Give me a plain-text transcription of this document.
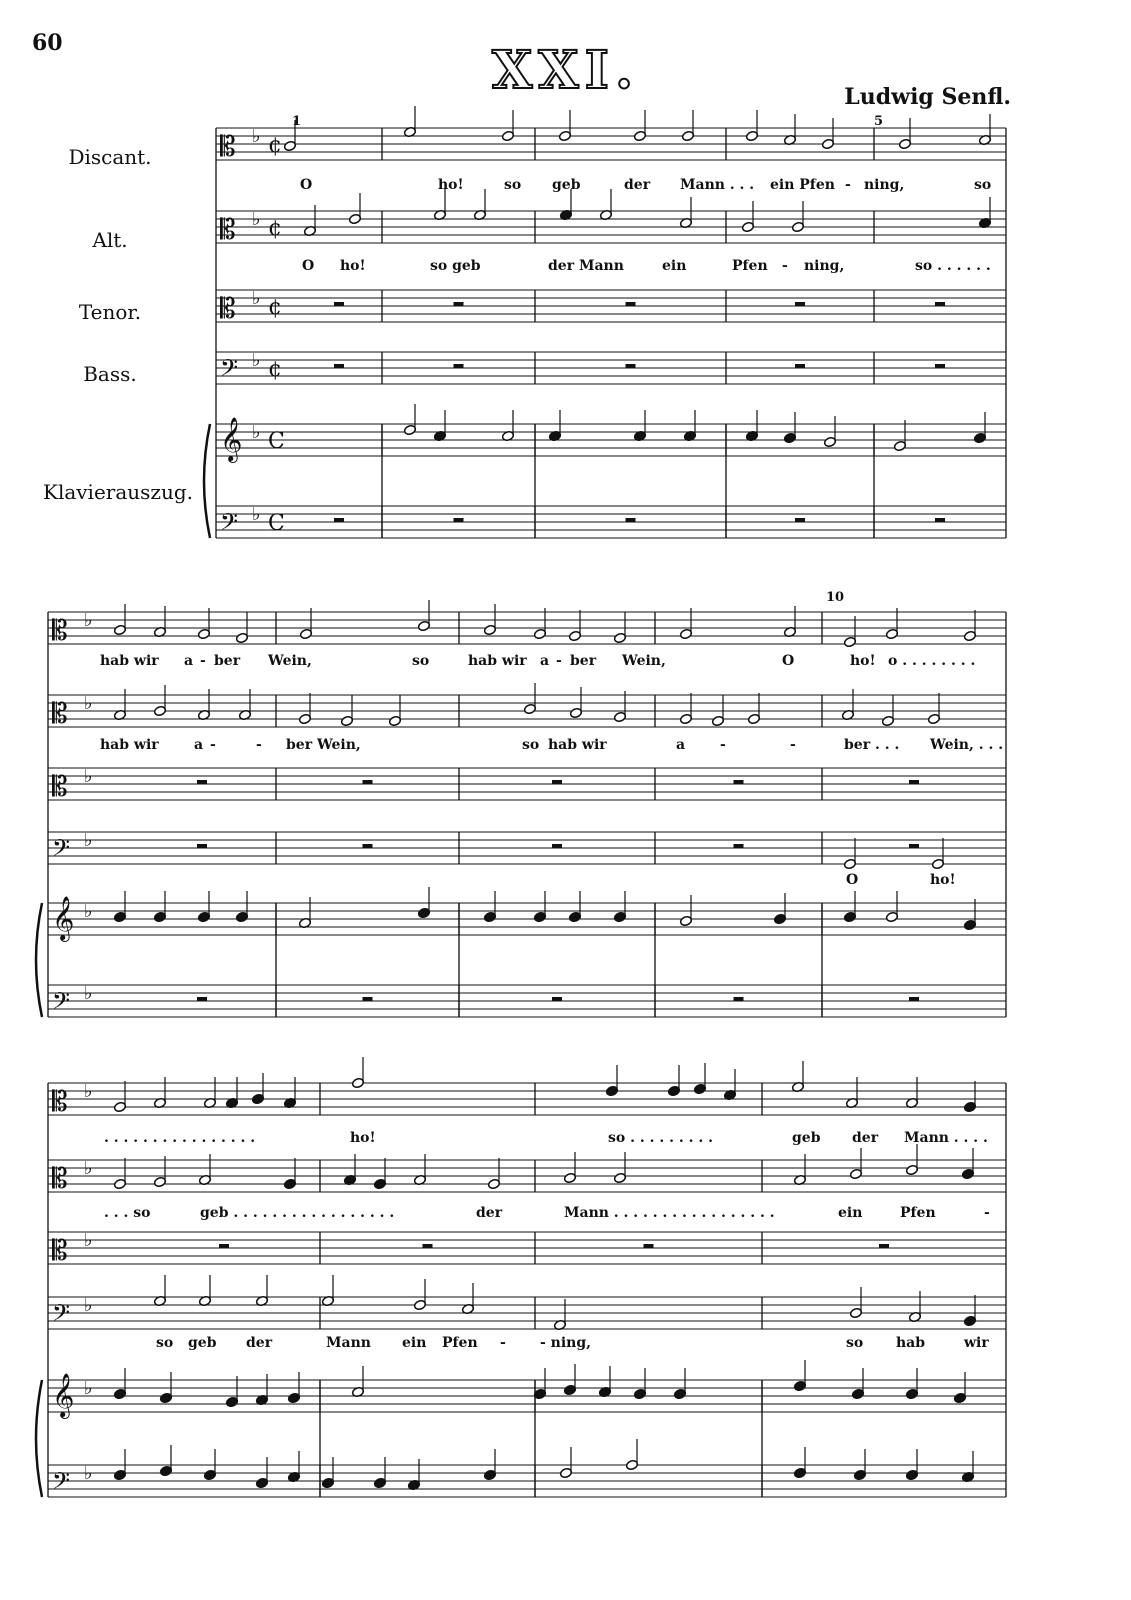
60	XXI.	Ludwig Senfl.
Discant.
Alt.
Tenor.
Bass.
Klavierauszug.
1	5
10
O	ho!	so geb	der Mann . . . ein Pfen - ning,	so
O ho!	so geb	der Mann	ein	Pfen - ning,	so . . . . . .
hab wir a - ber Wein,	so	hab wir a - ber Wein,	O	ho! o . . . . . . . .
hab wir	a -	- ber Wein,	so hab wir	a -	-	ber . . . Wein, . . .
O	ho!
. . . . . . . . . . . . . . . .	ho!	so . . . . . . . . .	geb der Mann . . . .
. . . so	geb . . . . . . . . . . . . . . . . .	der	Mann . . . . . . . . . . . . . . . . .	ein	Pfen	-
so geb der	Mann ein Pfen - - ning,	so hab	wir
𝄡 ♭ ¢
𝄡 ♭ ¢
𝄡 ♭ ¢
𝄢 ♭ ¢
𝄞 ♭ C
𝄢 ♭ C
𝄡 ♭
𝄡 ♭
𝄡 ♭
𝄢 ♭
𝄞 ♭
𝄢 ♭
𝄡 ♭
𝄡 ♭
𝄡 ♭
𝄢 ♭
𝄞 ♭
𝄢 ♭
